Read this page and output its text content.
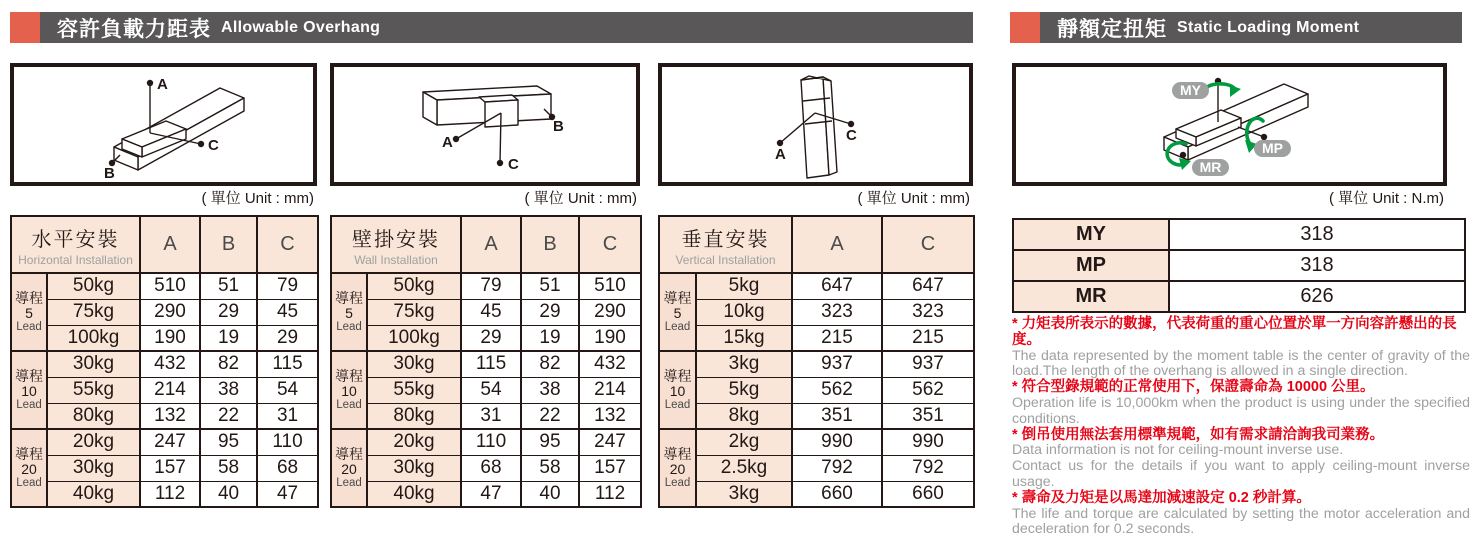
容許負載力距表 Allowable Overhang	靜額定扭矩 Static Loading Moment
A
C
B
( 單位 Unit : mm)
水平安裝
Horizontal Installation		A	B	C

導程
5
Lead	50kg	510	51	79
	75kg	290	29	45
	100kg	190	19	29

導程
10
Lead	30kg	432	82	115
	55kg	214	38	54
	80kg	132	22	31

導程
20
Lead	20kg	247	95	110
	30kg	157	58	68
	40kg	112	40	47
A
C
B
( 單位 Unit : mm)
壁掛安裝
Wall Installation		A	B	C

導程
5
Lead	50kg	79	51	510
	75kg	45	29	290
	100kg	29	19	190

導程
10
Lead	30kg	115	82	432
	55kg	54	38	214
	80kg	31	22	132

導程
20
Lead	20kg	110	95	247
	30kg	68	58	157
	40kg	47	40	112
A
C
( 單位 Unit : mm)
垂直安裝
Vertical Installation		A	C

導程
5
Lead	5kg	647	647
	10kg	323	323
	15kg	215	215

導程
10
Lead	3kg	937	937
	5kg	562	562
	8kg	351	351

導程
20
Lead	2kg	990	990
	2.5kg	792	792
	3kg	660	660
MY
MP
MR
( 單位 Unit : N.m)
MY	318
MP	318
MR	626
* 力矩表所表示的數據，代表荷重的重心位置於單一方向容許懸出的長度。
The data represented by the moment table is the center of gravity of the load.The length of the overhang is allowed in a single direction.
* 符合型錄規範的正常使用下，保證壽命為 10000 公里。
Operation life is 10,000km when the product is using under the specified conditions.
* 倒吊使用無法套用標準規範，如有需求請洽詢我司業務。
Data information is not for ceiling-mount inverse use.
Contact us for the details if you want to apply ceiling-mount inverse usage.
* 壽命及力矩是以馬達加減速設定 0.2 秒計算。
The life and torque are calculated by setting the motor acceleration and deceleration for 0.2 seconds.
